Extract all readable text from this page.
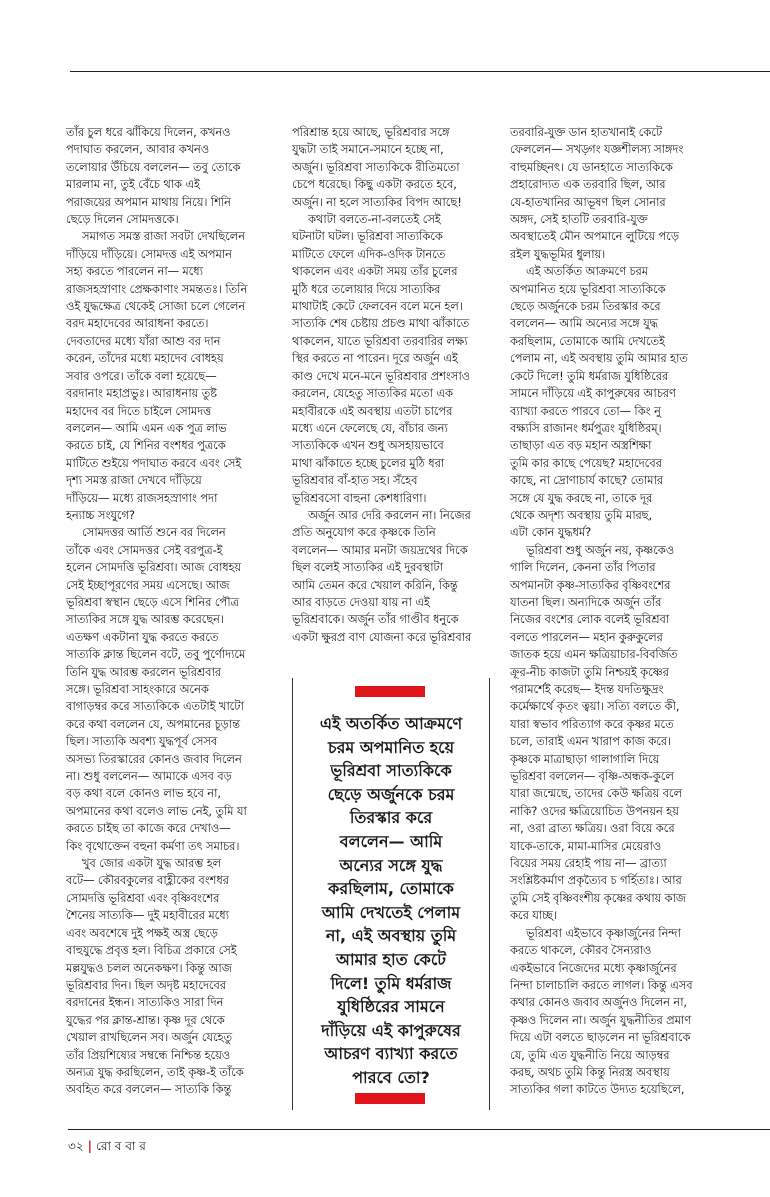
তাঁর চুল ধরে ঝাঁকিয়ে দিলেন, কখনও
পদাঘাত করলেন, আবার কখনও
তলোয়ার উঁচিয়ে বললেন— তবু তোকে
মারলাম না, তুই বেঁচে থাক এই
পরাজয়ের অপমান মাথায় নিয়ে। শিনি
ছেড়ে দিলেন সোমদত্তকে।
সমাগত সমস্ত রাজা সবটা দেখছিলেন
দাঁড়িয়ে দাঁড়িয়ে। সোমদত্ত এই অপমান
সহ্য করতে পারলেন না— মধ্যে
রাজসহস্রাণাং প্রেক্ষকাণাং সমন্ততঃ। তিনি
ওই যুদ্ধক্ষেত্র থেকেই সোজা চলে গেলেন
বরদ মহাদেবের আরাধনা করতে।
দেবতাদের মধ্যে যাঁরা আশু বর দান
করেন, তাঁদের মধ্যে মহাদেব বোধহয়
সবার ওপরে। তাঁকে বলা হয়েছে—
বরদানাং মহাপ্রভুঃ। আরাধনায় তুষ্ট
মহাদেব বর দিতে চাইলে সোমদত্ত
বললেন— আমি এমন এক পুত্র লাভ
করতে চাই, যে শিনির বংশধর পুত্রকে
মাটিতে শুইয়ে পদাঘাত করবে এবং সেই
দৃশ্য সমস্ত রাজা দেখবে দাঁড়িয়ে
দাঁড়িয়ে— মধ্যে রাজসহস্রাণাং পদা
হন্যাচ্চ সংযুগে?
সোমদত্তর আর্তি শুনে বর দিলেন
তাঁকে এবং সোমদত্তর সেই বরপুত্র-ই
হলেন সোমদত্তি ভূরিশ্রবা। আজ বোধহয়
সেই ইচ্ছাপূরণের সময় এসেছে। আজ
ভূরিশ্রবা স্বস্থান ছেড়ে এসে শিনির পৌত্র
সাত্যকির সঙ্গে যুদ্ধ আরম্ভ করেছেন।
এতক্ষণ একটানা যুদ্ধ করতে করতে
সাত্যকি ক্লান্ত ছিলেন বটে, তবু পুর্ণোদ্যমে
তিনি যুদ্ধ আরম্ভ করলেন ভূরিশ্রবার
সঙ্গে। ভূরিশ্রবা সাহংকারে অনেক
বাগাড়ম্বর করে সাত্যকিকে এতটাই খাটো
করে কথা বললেন যে, অপমানের চূড়ান্ত
ছিল। সাত্যকি অবশ্য যুদ্ধপূর্ব সেসব
অসভ্য তিরস্কারের কোনও জবাব দিলেন
না। শুধু বললেন— আমাকে এসব বড়
বড় কথা বলে কোনও লাভ হবে না,
অপমানের কথা বলেও লাভ নেই, তুমি যা
করতে চাইছ তা কাজে করে দেখাও—
কিং বৃথোক্তেন বহুনা কর্মণা তৎ সমাচর।
খুব জোর একটা যুদ্ধ আরম্ভ হল
বটে— কৌরবকুলের বাহ্লীকের বংশধর
সোমদত্তি ভূরিশ্রবা এবং বৃষ্ণিবংশের
শৈনেয় সাত্যকি— দুই মহাবীরের মধ্যে
এবং অবশেষে দুই পক্ষই অস্ত্র ছেড়ে
বাহুযুদ্ধে প্রবৃত্ত হল। বিচিত্র প্রকারে সেই
মল্লযুদ্ধও চলল অনেকক্ষণ। কিন্তু আজ
ভূরিশ্রবার দিন। ছিল অদৃষ্ট মহাদেবের
বরদানের ইন্ধন। সাত্যকিও সারা দিন
যুদ্ধের পর ক্লান্ত-শ্রান্ত। কৃষ্ণ দূর থেকে
খেয়াল রাখছিলেন সব। অর্জুন যেহেতু
তাঁর প্রিয়শিষ্যের সম্বন্ধে নিশ্চিন্ত হয়েও
অন্যত্র যুদ্ধ করছিলেন, তাই কৃষ্ণ-ই তাঁকে
অবহিত করে বললেন— সাত্যকি কিন্তু
পরিশ্রান্ত হয়ে আছে, ভূরিশ্রবার সঙ্গে
যুদ্ধটা তাই সমানে-সমানে হচ্ছে না,
অর্জুন। ভূরিশ্রবা সাত্যকিকে রীতিমতো
চেপে ধরেছে। কিছু একটা করতে হবে,
অর্জুন। না হলে সাত্যকির বিপদ আছে!
কথাটা বলতে-না-বলতেই সেই
ঘটনাটা ঘটল। ভূরিশ্রবা সাত্যকিকে
মাটিতে ফেলে এদিক-ওদিক টানতে
থাকলেন এবং একটা সময় তাঁর চুলের
মুঠি ধরে তলোয়ার দিয়ে সাত্যকির
মাথাটাই কেটে ফেলবেন বলে মনে হল।
সাত্যকি শেষ চেষ্টায় প্রচণ্ড মাথা ঝাঁকাতে
থাকলেন, যাতে ভূরিশ্রবা তরবারির লক্ষ্য
স্থির করতে না পারেন। দূরে অর্জুন এই
কাণ্ড দেখে মনে-মনে ভূরিশ্রবার প্রশংসাও
করলেন, যেহেতু সাত্যকির মতো এক
মহাবীরকে এই অবস্থায় এতটা চাপের
মধ্যে এনে ফেলেছে যে, বাঁচার জন্য
সাত্যকিকে এখন শুধু অসহায়ভাবে
মাথা ঝাঁকাতে হচ্ছে চুলের মুঠি ধরা
ভূরিশ্রবার বাঁ-হাত সহ। সঁহেব
ভূরিশ্রবসো বাহুনা কেশধারিণা।
অর্জুন আর দেরি করলেন না। নিজের
প্রতি অনুযোগ করে কৃষ্ণকে তিনি
বললেন— আমার মনটা জয়দ্রথের দিকে
ছিল বলেই সাত্যকির এই দুরবস্থাটা
আমি তেমন করে খেয়াল করিনি, কিন্তু
আর বাড়তে দেওয়া যায় না এই
ভূরিশ্রবাকে। অর্জুন তাঁর গাণ্ডীব ধনুকে
একটা ক্ষুরপ্র বাণ যোজনা করে ভূরিশ্রবার
তরবারি-যুক্ত ডান হাতখানাই কেটে
ফেললেন— সখড়্গং যজ্ঞশীলস্য সাঙ্গদং
বাহুমচ্ছিনৎ। যে ডানহাতে সাত্যকিকে
প্রহারোদ্যত এক তরবারি ছিল, আর
যে-হাতখানির আভূষণ ছিল সোনার
অঙ্গদ, সেই হাতটি তরবারি-যুক্ত
অবস্থাতেই মৌন অপমানে লুটিয়ে পড়ে
রইল যুদ্ধভূমির ধুলায়।
এই অতর্কিত আক্রমণে চরম
অপমানিত হয়ে ভূরিশ্রবা সাত্যকিকে
ছেড়ে অর্জুনকে চরম তিরস্কার করে
বললেন— আমি অন্যের সঙ্গে যুদ্ধ
করছিলাম, তোমাকে আমি দেখতেই
পেলাম না, এই অবস্থায় তুমি আমার হাত
কেটে দিলে! তুমি ধর্মরাজ যুধিষ্ঠিরের
সামনে দাঁড়িয়ে এই কাপুরুষের আচরণ
ব্যাখ্যা করতে পারবে তো— কিং নু
বক্ষ্যসি রাজানং ধর্মপুত্রং যুধিষ্ঠিরম্।
তাছাড়া এত বড় মহান অস্ত্রশিক্ষা
তুমি কার কাছে পেয়েছ? মহাদেবের
কাছে, না দ্রোণাচার্য কাছে? তোমার
সঙ্গে যে যুদ্ধ করছে না, তাকে দূর
থেকে অদৃশ্য অবস্থায় তুমি মারছ,
এটা কোন যুদ্ধধর্ম?
ভূরিশ্রবা শুধু অর্জুন নয়, কৃষ্ণকেও
গালি দিলেন, কেননা তাঁর পিতার
অপমানটা কৃষ্ণ-সাত্যকির বৃষ্ণিবংশের
যাতনা ছিল। অন্যদিকে অর্জুন তাঁর
নিজের বংশের লোক বলেই ভূরিশ্রবা
বলতে পারলেন— মহান কুরুকুলের
জাতক হয়ে এমন ক্ষত্রিয়াচার-বিবর্জিত
ক্রূর-নীচ কাজটা তুমি নিশ্চয়ই কৃষ্ণের
পরামর্শেই করেছ— ইদন্ত যদতিক্ষুদ্রং
কর্মেক্ষার্থে কৃতং ত্বয়া। সত্যি বলতে কী,
যারা স্বভাব পরিত্যাগ করে কৃষ্ণর মতে
চলে, তারাই এমন খারাপ কাজ করে।
কৃষ্ণকে মাত্রাছাড়া গালাগালি দিয়ে
ভূরিশ্রবা বললেন— বৃষ্ণি-অন্ধক-কুলে
যারা জন্মেছে, তাদের কেউ ক্ষত্রিয় বলে
নাকি? ওদের ক্ষত্রিয়োচিত উপনয়ন হয়
না, ওরা ব্রাত্য ক্ষত্রিয়। ওরা বিয়ে করে
যাকে-তাকে, মামা-মাসির মেয়েরাও
বিয়ের সময় রেহাই পায় না— ব্রাত্যা
সংশ্লিষ্টকর্মাণ প্রকৃত্যৈব চ গর্হিতাঃ। আর
তুমি সেই বৃষ্ণিবংশীয় কৃষ্ণের কথায় কাজ
করে যাচ্ছ।
ভূরিশ্রবা এইভাবে কৃষ্ণার্জুনের নিন্দা
করতে থাকলে, কৌরব সৈন্যরাও
একইভাবে নিজেদের মধ্যে কৃষ্ণার্জুনের
নিন্দা চালাচালি করতে লাগল। কিন্তু এসব
কথার কোনও জবাব অর্জুনও দিলেন না,
কৃষ্ণও দিলেন না। অর্জুন যুদ্ধনীতির প্রমাণ
দিয়ে এটা বলতে ছাড়লেন না ভূরিশ্রবাকে
যে, তুমি এত যুদ্ধনীতি নিয়ে আড়ম্বর
করছ, অথচ তুমি কিন্তু নিরস্ত্র অবস্থায়
সাত্যকির গলা কাটতে উদ্যত হয়েছিলে,
এই অতর্কিত আক্রমণে
চরম অপমানিত হয়ে
ভূরিশ্রবা সাত্যকিকে
ছেড়ে অর্জুনকে চরম
তিরস্কার করে
বললেন— আমি
অন্যের সঙ্গে যুদ্ধ
করছিলাম, তোমাকে
আমি দেখতেই পেলাম
না, এই অবস্থায় তুমি
আমার হাত কেটে
দিলে! তুমি ধর্মরাজ
যুধিষ্ঠিরের সামনে
দাঁড়িয়ে এই কাপুরুষের
আচরণ ব্যাখ্যা করতে
পারবে তো?
৩২ | রো ব বা র
